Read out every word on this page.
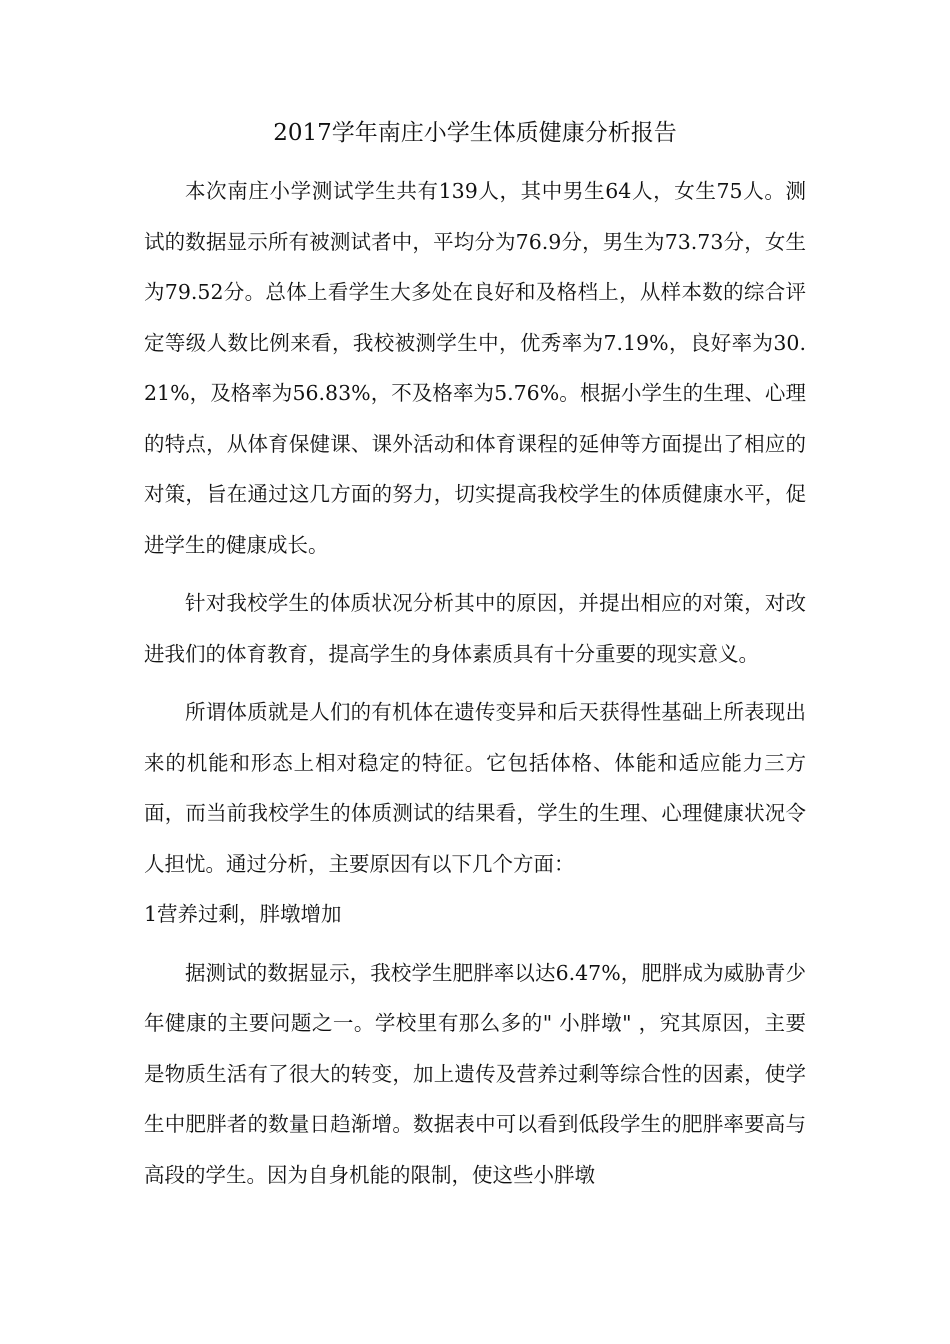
2017学年南庄小学生体质健康分析报告

本次南庄小学测试学生共有139人，其中男生64人，女生75人。测试的数据显示所有被测试者中，平均分为76.9分，男生为73.73分，女生为79.52分。总体上看学生大多处在良好和及格档上，从样本数的综合评定等级人数比例来看，我校被测学生中，优秀率为7.19%，良好率为30.21%，及格率为56.83%，不及格率为5.76%。根据小学生的生理、心理的特点，从体育保健课、课外活动和体育课程的延伸等方面提出了相应的对策，旨在通过这几方面的努力，切实提高我校学生的体质健康水平，促进学生的健康成长。

针对我校学生的体质状况分析其中的原因，并提出相应的对策，对改进我们的体育教育，提高学生的身体素质具有十分重要的现实意义。

所谓体质就是人们的有机体在遗传变异和后天获得性基础上所表现出来的机能和形态上相对稳定的特征。它包括体格、体能和适应能力三方面，而当前我校学生的体质测试的结果看，学生的生理、心理健康状况令人担忧。通过分析，主要原因有以下几个方面：

1营养过剩，胖墩增加

据测试的数据显示，我校学生肥胖率以达6.47%，肥胖成为威胁青少年健康的主要问题之一。学校里有那么多的" 小胖墩" ，究其原因，主要是物质生活有了很大的转变，加上遗传及营养过剩等综合性的因素，使学生中肥胖者的数量日趋渐增。数据表中可以看到低段学生的肥胖率要高与高段的学生。因为自身机能的限制，使这些小胖墩
